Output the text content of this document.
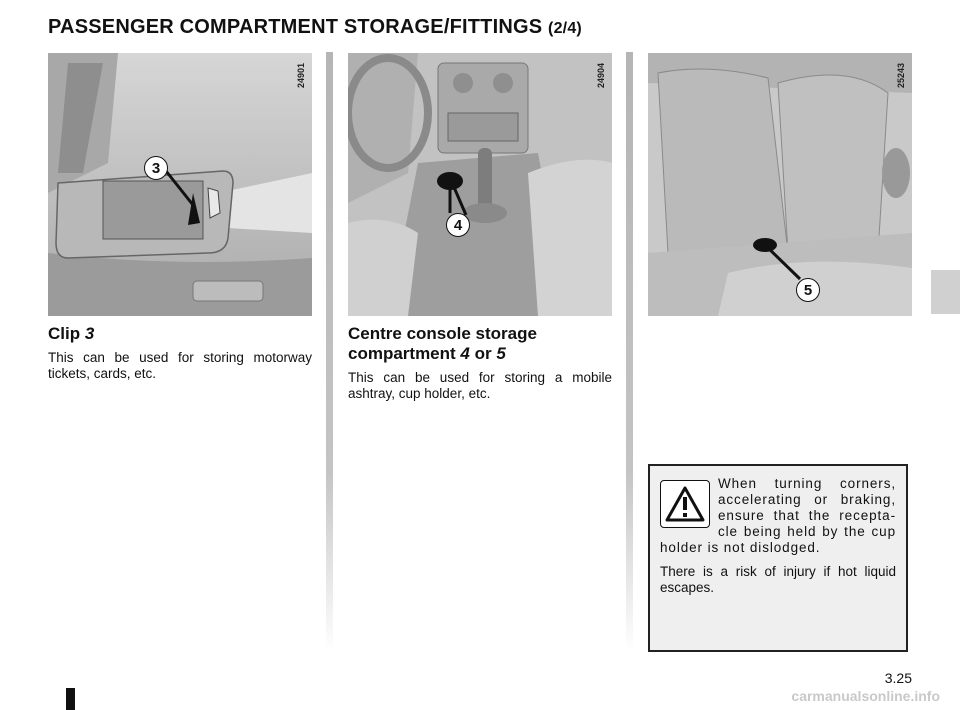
PASSENGER COMPARTMENT STORAGE/FITTINGS (2/4)
3
24901
4
24904
5
25243
Clip 3

This can be used for storing motorway tickets, cards, etc.

Centre console storage
compartment 4 or 5

This can be used for storing a mobile ashtray, cup holder, etc.

When turning corners, accelerating or braking, ensure that the recepta-cle being held by the cup holder is not dislodged.

There is a risk of injury if hot liquid escapes.

3.25
carmanualsonline.info
